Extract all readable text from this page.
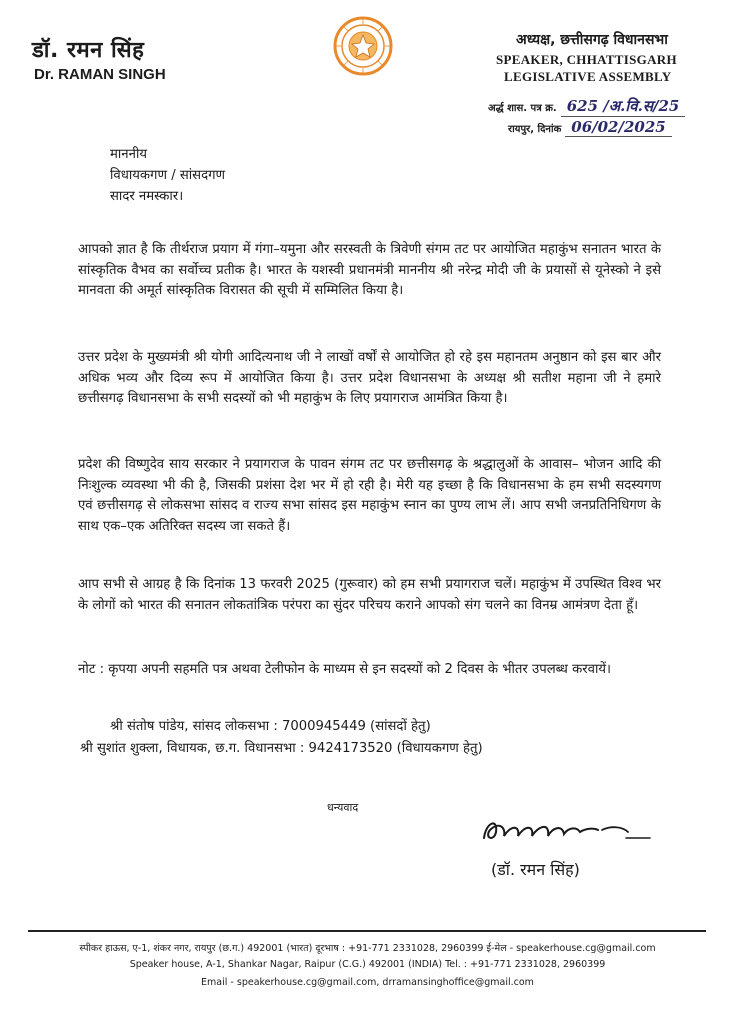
डॉ. रमन सिंह
Dr. RAMAN SINGH
अध्यक्ष, छत्तीसगढ़ विधानसभा
SPEAKER, CHHATTISGARH
LEGISLATIVE ASSEMBLY
अर्द्ध शास. पत्र क्र. 625 /अ.वि.स/25
रायपुर, दिनांक 06/02/2025
माननीय
विधायकगण / सांसदगण
सादर नमस्कार।
आपको ज्ञात है कि तीर्थराज प्रयाग में गंगा–यमुना और सरस्वती के त्रिवेणी संगम तट पर आयोजित महाकुंभ सनातन भारत के सांस्कृतिक वैभव का सर्वोच्च प्रतीक है। भारत के यशस्वी प्रधानमंत्री माननीय श्री नरेन्द्र मोदी जी के प्रयासों से यूनेस्को ने इसे मानवता की अमूर्त सांस्कृतिक विरासत की सूची में सम्मिलित किया है।
उत्तर प्रदेश के मुख्यमंत्री श्री योगी आदित्यनाथ जी ने लाखों वर्षों से आयोजित हो रहे इस महानतम अनुष्ठान को इस बार और अधिक भव्य और दिव्य रूप में आयोजित किया है। उत्तर प्रदेश विधानसभा के अध्यक्ष श्री सतीश महाना जी ने हमारे छत्तीसगढ़ विधानसभा के सभी सदस्यों को भी महाकुंभ के लिए प्रयागराज आमंत्रित किया है।
प्रदेश की विष्णुदेव साय सरकार ने प्रयागराज के पावन संगम तट पर छत्तीसगढ़ के श्रद्धालुओं के आवास– भोजन आदि की निःशुल्क व्यवस्था भी की है, जिसकी प्रशंसा देश भर में हो रही है। मेरी यह इच्छा है कि विधानसभा के हम सभी सदस्यगण एवं छत्तीसगढ़ से लोकसभा सांसद व राज्य सभा सांसद इस महाकुंभ स्नान का पुण्य लाभ लें। आप सभी जनप्रतिनिधिगण के साथ एक–एक अतिरिक्त सदस्य जा सकते हैं।
आप सभी से आग्रह है कि दिनांक 13 फरवरी 2025 (गुरूवार) को हम सभी प्रयागराज चलें। महाकुंभ में उपस्थित विश्व भर के लोगों को भारत की सनातन लोकतांत्रिक परंपरा का सुंदर परिचय कराने आपको संग चलने का विनम्र आमंत्रण देता हूँ।
नोट : कृपया अपनी सहमति पत्र अथवा टेलीफोन के माध्यम से इन सदस्यों को 2 दिवस के भीतर उपलब्ध करवायें।
श्री संतोष पांडेय, सांसद लोकसभा : 7000945449 (सांसदों हेतु)
श्री सुशांत शुक्ला, विधायक, छ.ग. विधानसभा : 9424173520 (विधायकगण हेतु)
धन्यवाद
(डॉ. रमन सिंह)
स्पीकर हाऊस, ए-1, शंकर नगर, रायपुर (छ.ग.) 492001 (भारत) दूरभाष : +91-771 2331028, 2960399 ई-मेल - speakerhouse.cg@gmail.com
Speaker house, A-1, Shankar Nagar, Raipur (C.G.) 492001 (INDIA) Tel. : +91-771 2331028, 2960399
Email - speakerhouse.cg@gmail.com, drramansinghoffice@gmail.com
